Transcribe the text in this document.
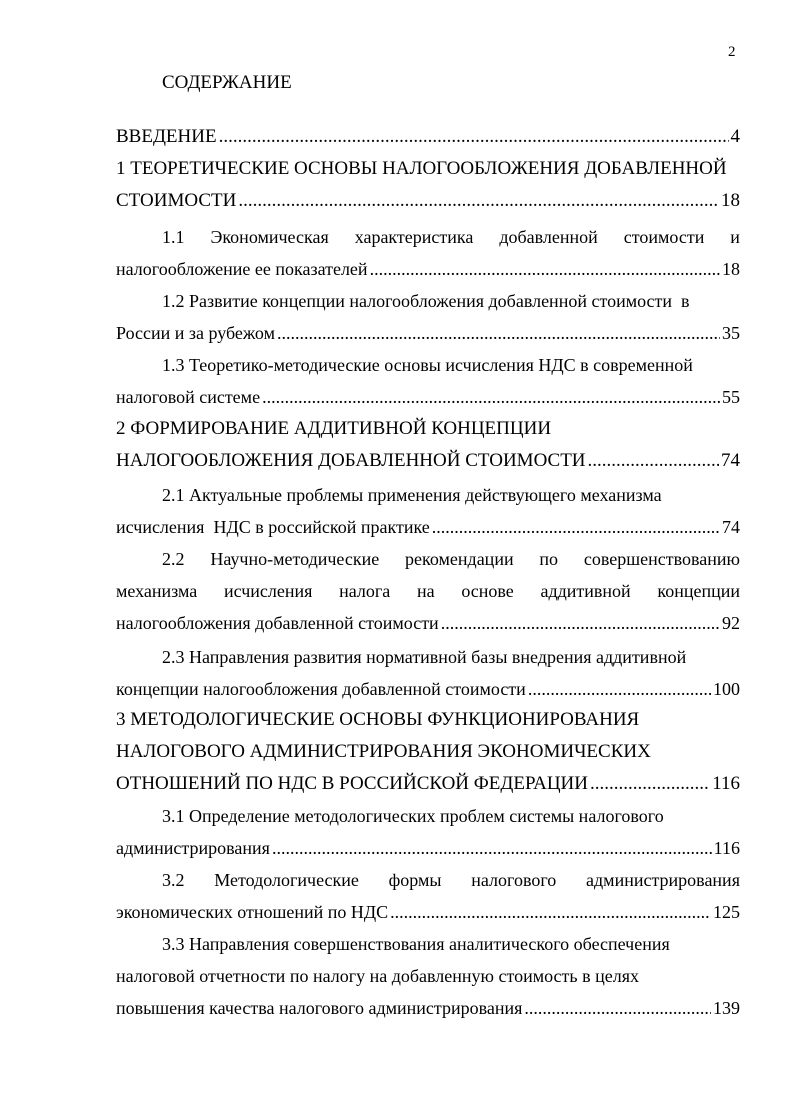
2
СОДЕРЖАНИЕ
ВВЕДЕНИЕ .....	4
1 ТЕОРЕТИЧЕСКИЕ ОСНОВЫ НАЛОГООБЛОЖЕНИЯ ДОБАВЛЕННОЙ
СТОИМОСТИ .....	18
1.1 Экономическая характеристика добавленной стоимости и
налогообложение ее показателей .....	18
1.2 Развитие концепции налогообложения добавленной стоимости  в
России и за рубежом .....	35
1.3 Теоретико-методические основы исчисления НДС в современной
налоговой системе .....	55
2 ФОРМИРОВАНИЕ АДДИТИВНОЙ КОНЦЕПЦИИ
НАЛОГООБЛОЖЕНИЯ ДОБАВЛЕННОЙ СТОИМОСТИ .....	74
2.1 Актуальные проблемы применения действующего механизма
исчисления  НДС в российской практике .....	74
2.2 Научно-методические рекомендации по совершенствованию
механизма исчисления налога на основе аддитивной концепции
налогообложения добавленной стоимости .....	92
2.3 Направления развития нормативной базы внедрения аддитивной
концепции налогообложения добавленной стоимости .....	100
3 МЕТОДОЛОГИЧЕСКИЕ ОСНОВЫ ФУНКЦИОНИРОВАНИЯ
НАЛОГОВОГО АДМИНИСТРИРОВАНИЯ ЭКОНОМИЧЕСКИХ
ОТНОШЕНИЙ ПО НДС В РОССИЙСКОЙ ФЕДЕРАЦИИ .....	116
3.1 Определение методологических проблем системы налогового
администрирования .....	116
3.2 Методологические формы налогового администрирования
экономических отношений по НДС .....	125
3.3 Направления совершенствования аналитического обеспечения
налоговой отчетности по налогу на добавленную стоимость в целях
повышения качества налогового администрирования .....	139
